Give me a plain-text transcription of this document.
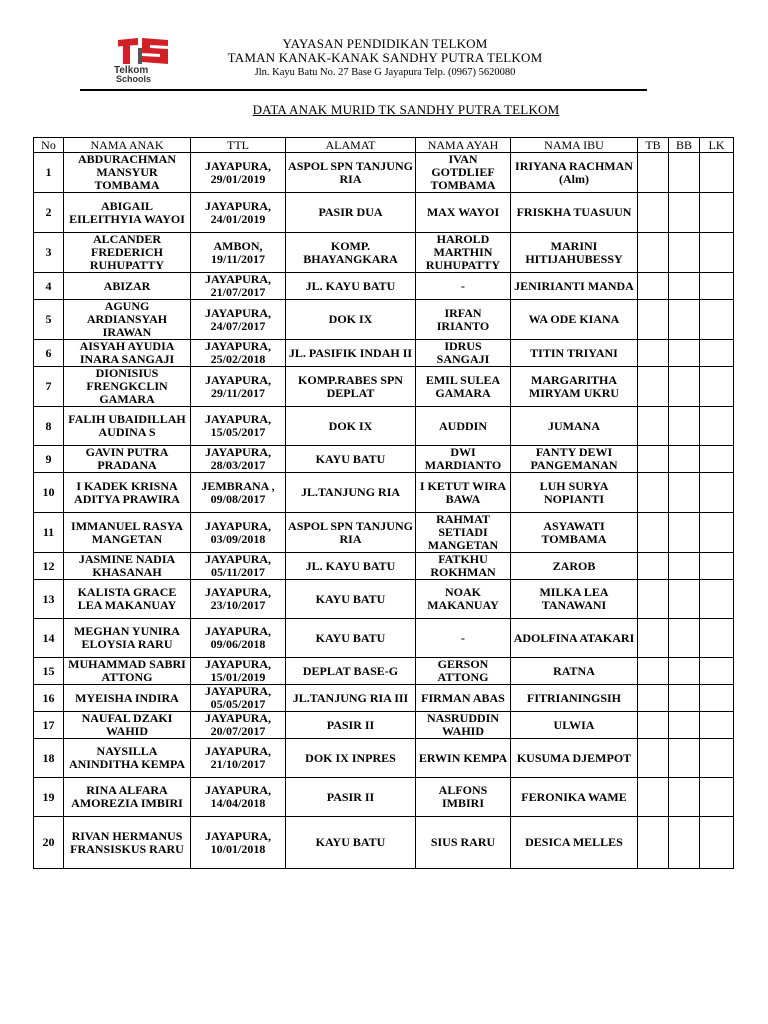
Telkom
Schools
YAYASAN PENDIDIKAN TELKOM
TAMAN KANAK-KANAK SANDHY PUTRA TELKOM
Jln. Kayu Batu No. 27 Base G Jayapura Telp. (0967) 5620080
DATA ANAK MURID TK SANDHY PUTRA TELKOM
No	NAMA ANAK	TTL	ALAMAT	NAMA AYAH	NAMA IBU	TB	BB	LK
1	ABDURACHMAN MANSYUR TOMBAMA	JAYAPURA, 29/01/2019	ASPOL SPN TANJUNG RIA	IVAN GOTDLIEF TOMBAMA	IRIYANA RACHMAN (Alm)			
2	ABIGAIL EILEITHYIA WAYOI	JAYAPURA, 24/01/2019	PASIR DUA	MAX WAYOI	FRISKHA TUASUUN			
3	ALCANDER FREDERICH RUHUPATTY	AMBON, 19/11/2017	KOMP. BHAYANGKARA	HAROLD MARTHIN RUHUPATTY	MARINI HITIJAHUBESSY			
4	ABIZAR	JAYAPURA, 21/07/2017	JL. KAYU BATU	-	JENIRIANTI MANDA			
5	AGUNG ARDIANSYAH IRAWAN	JAYAPURA, 24/07/2017	DOK IX	IRFAN IRIANTO	WA ODE KIANA			
6	AISYAH AYUDIA INARA SANGAJI	JAYAPURA, 25/02/2018	JL. PASIFIK INDAH II	IDRUS SANGAJI	TITIN TRIYANI			
7	DIONISIUS FRENGKCLIN GAMARA	JAYAPURA, 29/11/2017	KOMP.RABES SPN DEPLAT	EMIL SULEA GAMARA	MARGARITHA MIRYAM UKRU			
8	FALIH UBAIDILLAH AUDINA S	JAYAPURA, 15/05/2017	DOK IX	AUDDIN	JUMANA			
9	GAVIN PUTRA PRADANA	JAYAPURA, 28/03/2017	KAYU BATU	DWI MARDIANTO	FANTY DEWI PANGEMANAN			
10	I KADEK KRISNA ADITYA PRAWIRA	JEMBRANA , 09/08/2017	JL.TANJUNG RIA	I KETUT WIRA BAWA	LUH SURYA NOPIANTI			
11	IMMANUEL RASYA MANGETAN	JAYAPURA, 03/09/2018	ASPOL SPN TANJUNG RIA	RAHMAT SETIADI MANGETAN	ASYAWATI TOMBAMA			
12	JASMINE NADIA KHASANAH	JAYAPURA, 05/11/2017	JL. KAYU BATU	FATKHU ROKHMAN	ZAROB			
13	KALISTA GRACE LEA MAKANUAY	JAYAPURA, 23/10/2017	KAYU BATU	NOAK MAKANUAY	MILKA LEA TANAWANI			
14	MEGHAN YUNIRA ELOYSIA RARU	JAYAPURA, 09/06/2018	KAYU BATU	-	ADOLFINA ATAKARI			
15	MUHAMMAD SABRI ATTONG	JAYAPURA, 15/01/2019	DEPLAT BASE-G	GERSON ATTONG	RATNA			
16	MYEISHA INDIRA	JAYAPURA, 05/05/2017	JL.TANJUNG RIA III	FIRMAN ABAS	FITRIANINGSIH			
17	NAUFAL DZAKI WAHID	JAYAPURA, 20/07/2017	PASIR II	NASRUDDIN WAHID	ULWIA			
18	NAYSILLA ANINDITHA KEMPA	JAYAPURA, 21/10/2017	DOK IX INPRES	ERWIN KEMPA	KUSUMA DJEMPOT			
19	RINA ALFARA AMOREZIA IMBIRI	JAYAPURA, 14/04/2018	PASIR II	ALFONS IMBIRI	FERONIKA WAME			
20	RIVAN HERMANUS FRANSISKUS RARU	JAYAPURA, 10/01/2018	KAYU BATU	SIUS RARU	DESICA MELLES			
